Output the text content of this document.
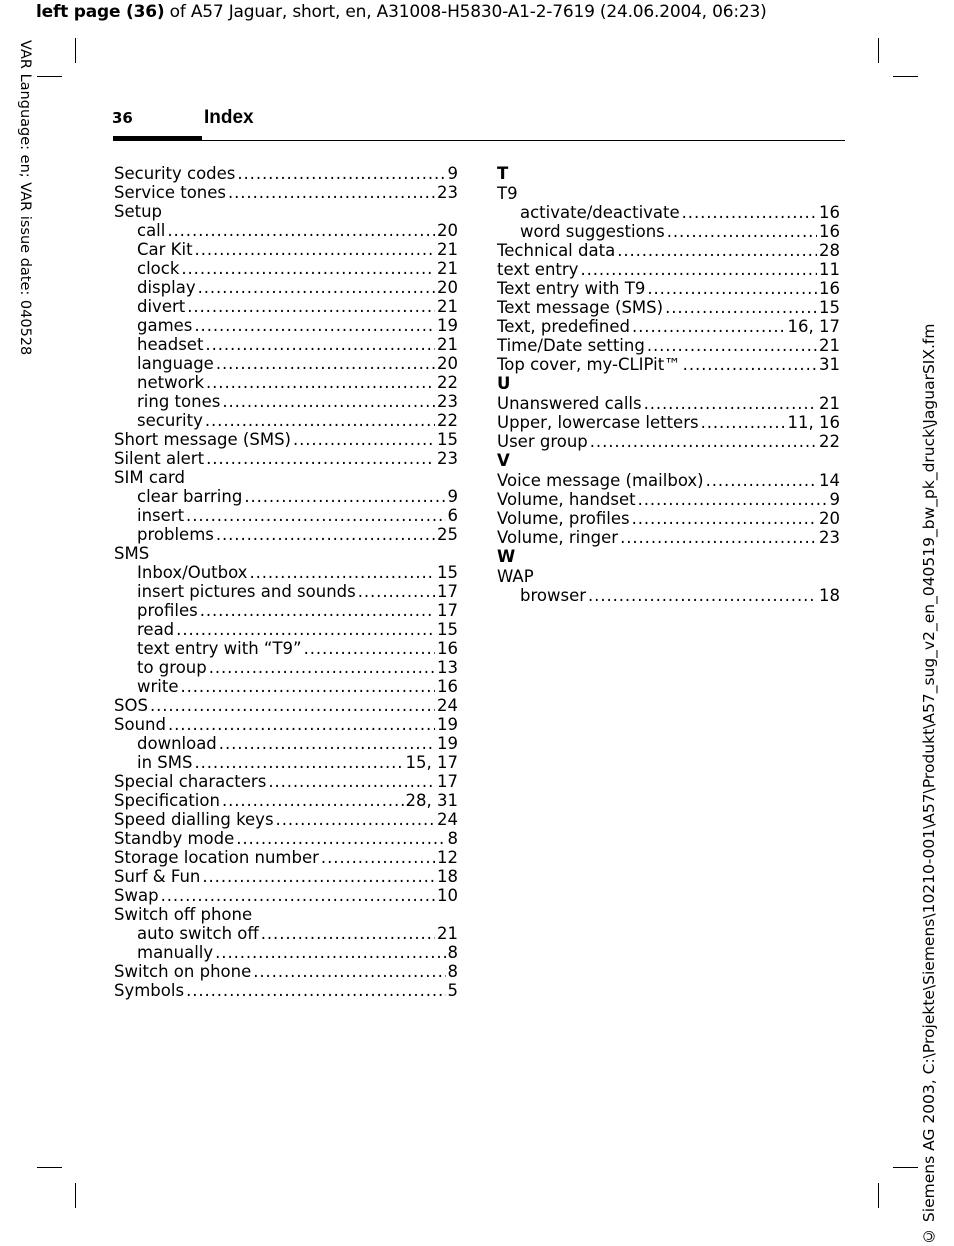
left page (36) of A57 Jaguar, short, en, A31008-H5830-A1-2-7619 (24.06.2004, 06:23)
VAR Language: en; VAR issue date: 040528
© Siemens AG 2003, C:\Projekte\Siemens\10210-001\A57\Produkt\A57_sug_v2_en_040519_bw_pk_druck\JaguarSIX.fm
36	Index
Security codes .....	9
Service tones .....	23
Setup
call .....	20
Car Kit .....	21
clock .....	21
display .....	20
divert .....	21
games .....	19
headset .....	21
language .....	20
network .....	22
ring tones .....	23
security .....	22
Short message (SMS) .....	15
Silent alert .....	23
SIM card
clear barring .....	9
insert .....	6
problems .....	25
SMS
Inbox/Outbox .....	15
insert pictures and sounds .....	17
profiles .....	17
read .....	15
text entry with “T9” .....	16
to group .....	13
write .....	16
SOS .....	24
Sound .....	19
download .....	19
in SMS .....	15, 17
Special characters .....	17
Specification .....	28, 31
Speed dialling keys .....	24
Standby mode .....	8
Storage location number .....	12
Surf & Fun .....	18
Swap .....	10
Switch off phone
auto switch off .....	21
manually .....	8
Switch on phone .....	8
Symbols .....	5
T
T9
activate/deactivate .....	16
word suggestions .....	16
Technical data .....	28
text entry .....	11
Text entry with T9 .....	16
Text message (SMS) .....	15
Text, predefined .....	16, 17
Time/Date setting .....	21
Top cover, my-CLIPit™ .....	31
U
Unanswered calls .....	21
Upper, lowercase letters .....	11, 16
User group .....	22
V
Voice message (mailbox) .....	14
Volume, handset .....	9
Volume, profiles .....	20
Volume, ringer .....	23
W
WAP
browser .....	18
